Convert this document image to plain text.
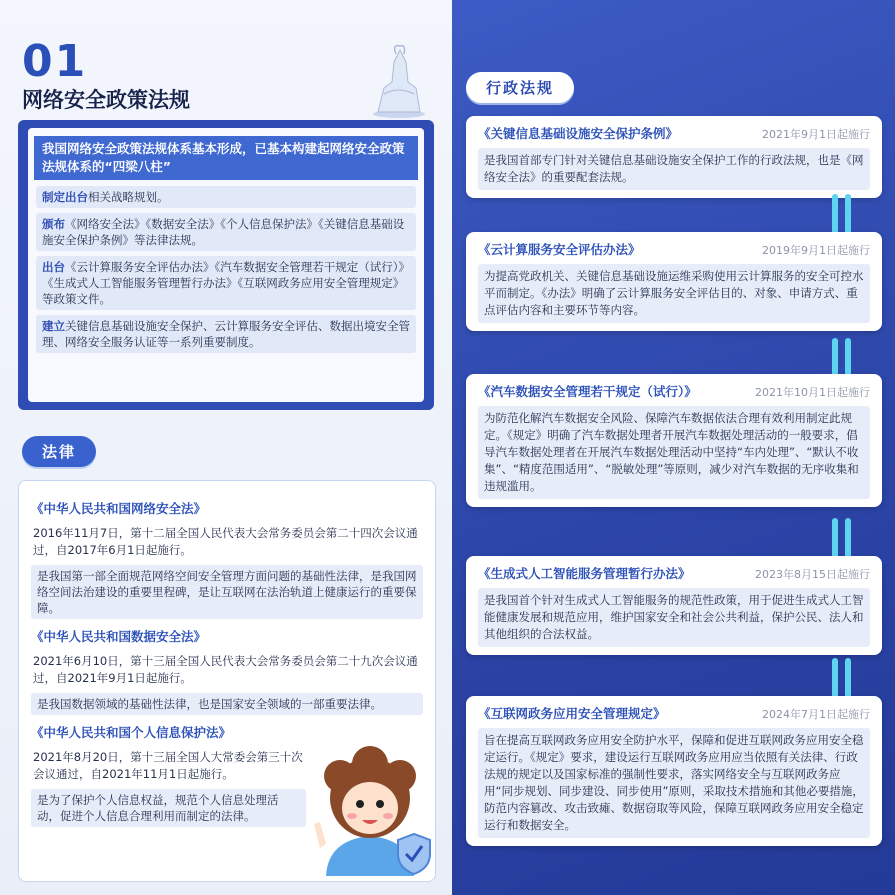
01
网络安全政策法规
我国网络安全政策法规体系基本形成，已基本构建起网络安全政策法规体系的“四梁八柱”
制定出台相关战略规划。
颁布《网络安全法》《数据安全法》《个人信息保护法》《关键信息基础设施安全保护条例》等法律法规。
出台《云计算服务安全评估办法》《汽车数据安全管理若干规定（试行）》《生成式人工智能服务管理暂行办法》《互联网政务应用安全管理规定》等政策文件。
建立关键信息基础设施安全保护、云计算服务安全评估、数据出境安全管理、网络安全服务认证等一系列重要制度。
法律
《中华人民共和国网络安全法》
2016年11月7日，第十二届全国人民代表大会常务委员会第二十四次会议通过，自2017年6月1日起施行。
是我国第一部全面规范网络空间安全管理方面问题的基础性法律，是我国网络空间法治建设的重要里程碑，是让互联网在法治轨道上健康运行的重要保障。
《中华人民共和国数据安全法》
2021年6月10日，第十三届全国人民代表大会常务委员会第二十九次会议通过，自2021年9月1日起施行。
是我国数据领域的基础性法律，也是国家安全领域的一部重要法律。
《中华人民共和国个人信息保护法》
2021年8月20日，第十三届全国人大常委会第三十次会议通过，自2021年11月1日起施行。
是为了保护个人信息权益，规范个人信息处理活动，促进个人信息合理利用而制定的法律。
行政法规
《关键信息基础设施安全保护条例》	2021年9月1日起施行
是我国首部专门针对关键信息基础设施安全保护工作的行政法规，也是《网络安全法》的重要配套法规。
《云计算服务安全评估办法》	2019年9月1日起施行
为提高党政机关、关键信息基础设施运维采购使用云计算服务的安全可控水平而制定。《办法》明确了云计算服务安全评估目的、对象、申请方式、重点评估内容和主要环节等内容。
《汽车数据安全管理若干规定（试行）》	2021年10月1日起施行
为防范化解汽车数据安全风险、保障汽车数据依法合理有效利用制定此规定。《规定》明确了汽车数据处理者开展汽车数据处理活动的一般要求，倡导汽车数据处理者在开展汽车数据处理活动中坚持“车内处理”、“默认不收集”、“精度范围适用”、“脱敏处理”等原则，减少对汽车数据的无序收集和违规滥用。
《生成式人工智能服务管理暂行办法》	2023年8月15日起施行
是我国首个针对生成式人工智能服务的规范性政策，用于促进生成式人工智能健康发展和规范应用，维护国家安全和社会公共利益，保护公民、法人和其他组织的合法权益。
《互联网政务应用安全管理规定》	2024年7月1日起施行
旨在提高互联网政务应用安全防护水平，保障和促进互联网政务应用安全稳定运行。《规定》要求，建设运行互联网政务应用应当依照有关法律、行政法规的规定以及国家标准的强制性要求，落实网络安全与互联网政务应用“同步规划、同步建设、同步使用”原则，采取技术措施和其他必要措施，防范内容篡改、攻击致瘫、数据窃取等风险，保障互联网政务应用安全稳定运行和数据安全。
